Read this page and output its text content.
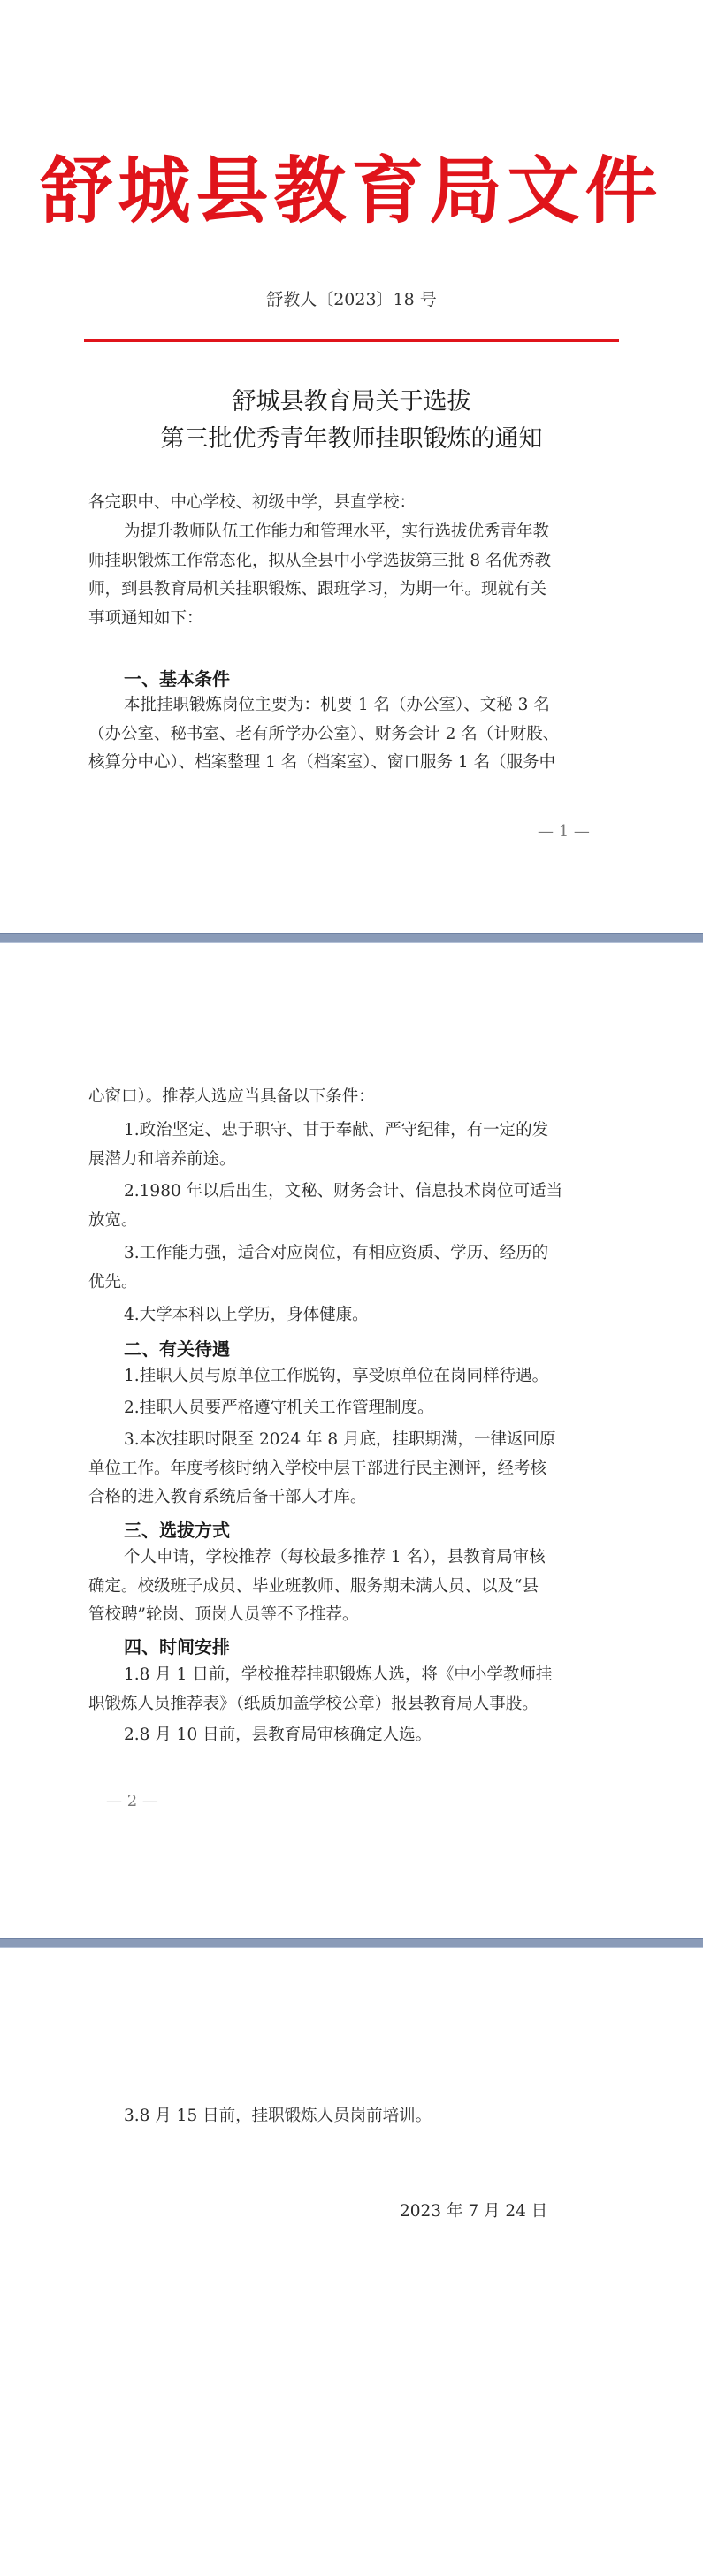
舒城县教育局文件
舒教人〔2023〕18 号
舒城县教育局关于选拔
第三批优秀青年教师挂职锻炼的通知
各完职中、中心学校、初级中学，县直学校：
为提升教师队伍工作能力和管理水平，实行选拔优秀青年教
师挂职锻炼工作常态化，拟从全县中小学选拔第三批 8 名优秀教
师，到县教育局机关挂职锻炼、跟班学习，为期一年。现就有关
事项通知如下：
一、基本条件
本批挂职锻炼岗位主要为：机要 1 名（办公室）、文秘 3 名
（办公室、秘书室、老有所学办公室）、财务会计 2 名（计财股、
核算分中心）、档案整理 1 名（档案室）、窗口服务 1 名（服务中
— 1 —
心窗口）。推荐人选应当具备以下条件：
1.政治坚定、忠于职守、甘于奉献、严守纪律，有一定的发
展潜力和培养前途。
2.1980 年以后出生，文秘、财务会计、信息技术岗位可适当
放宽。
3.工作能力强，适合对应岗位，有相应资质、学历、经历的
优先。
4.大学本科以上学历，身体健康。
二、有关待遇
1.挂职人员与原单位工作脱钩，享受原单位在岗同样待遇。
2.挂职人员要严格遵守机关工作管理制度。
3.本次挂职时限至 2024 年 8 月底，挂职期满，一律返回原
单位工作。年度考核时纳入学校中层干部进行民主测评，经考核
合格的进入教育系统后备干部人才库。
三、选拔方式
个人申请，学校推荐（每校最多推荐 1 名），县教育局审核
确定。校级班子成员、毕业班教师、服务期未满人员、以及“县
管校聘”轮岗、顶岗人员等不予推荐。
四、时间安排
1.8 月 1 日前，学校推荐挂职锻炼人选，将《中小学教师挂
职锻炼人员推荐表》（纸质加盖学校公章）报县教育局人事股。
2.8 月 10 日前，县教育局审核确定人选。
— 2 —
3.8 月 15 日前，挂职锻炼人员岗前培训。
2023 年 7 月 24 日
